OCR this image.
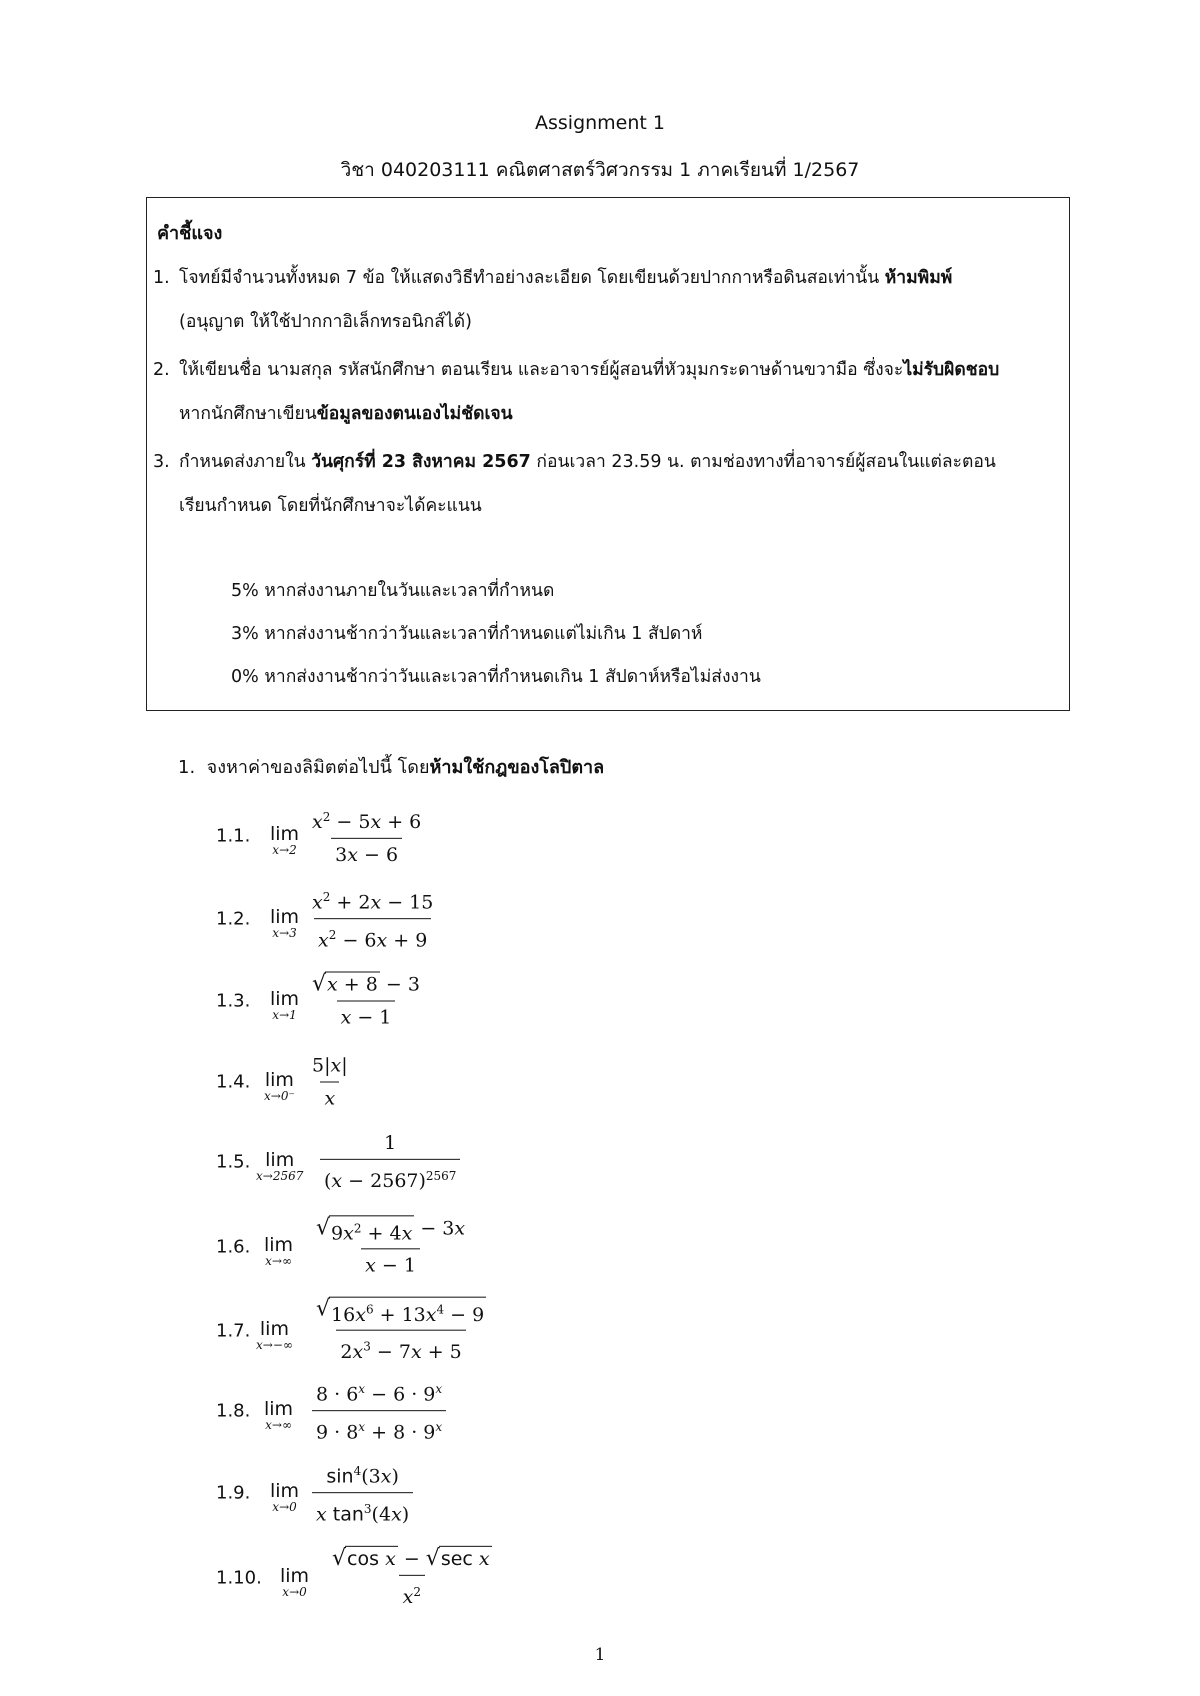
Assignment 1
วิชา 040203111 คณิตศาสตร์วิศวกรรม 1 ภาคเรียนที่ 1/2567
คำชี้แจง
1. โจทย์มีจำนวนทั้งหมด 7 ข้อ ให้แสดงวิธีทำอย่างละเอียด โดยเขียนด้วยปากกาหรือดินสอเท่านั้น ห้ามพิมพ์
(อนุญาต ให้ใช้ปากกาอิเล็กทรอนิกส์ได้)
2. ให้เขียนชื่อ นามสกุล รหัสนักศึกษา ตอนเรียน และอาจารย์ผู้สอนที่หัวมุมกระดาษด้านขวามือ ซึ่งจะไม่รับผิดชอบ
หากนักศึกษาเขียนข้อมูลของตนเองไม่ชัดเจน
3. กำหนดส่งภายใน วันศุกร์ที่ 23 สิงหาคม 2567 ก่อนเวลา 23.59 น. ตามช่องทางที่อาจารย์ผู้สอนในแต่ละตอน
เรียนกำหนด โดยที่นักศึกษาจะได้คะแนน
5% หากส่งงานภายในวันและเวลาที่กำหนด
3% หากส่งงานช้ากว่าวันและเวลาที่กำหนดแต่ไม่เกิน 1 สัปดาห์
0% หากส่งงานช้ากว่าวันและเวลาที่กำหนดเกิน 1 สัปดาห์หรือไม่ส่งงาน
1. จงหาค่าของลิมิตต่อไปนี้ โดยห้ามใช้กฎของโลปิตาล
1.1. lim
$x\to 2 \frac{x^2 - 5x + 6}{3x - 6}$
1.2. lim
$x\to 3 \frac{x^2 + 2x - 15}{x^2 - 6x + 9}$
1.3. lim
$x\to 1 \frac{√ x + 8 - 3}{x - 1}$
1.4. lim
$x\to 0^- \frac{5|x|}{x}$
1.5. lim
$x\to 2567 \frac{1}{(x - 2567)^{2567}}$
1.6. lim
$x\to\infty \frac{√ 9x^2 + 4x - 3x}{x - 1}$
1.7. lim
$x\to-\infty \frac{√ 16x^6 + 13x^4 - 9}{2x^3 - 7x + 5}$
1.8. lim
$x\to\infty \frac{8 \cdot 6^x - 6 \cdot 9^x}{9 \cdot 8^x + 8 \cdot 9^x}$
1.9. lim
$x\to 0 \frac{\sin^4(3x)}{x \tan^3(4x)}$
1.10. lim
x→0
√ cos x − √ sec x
$x^2$
1
